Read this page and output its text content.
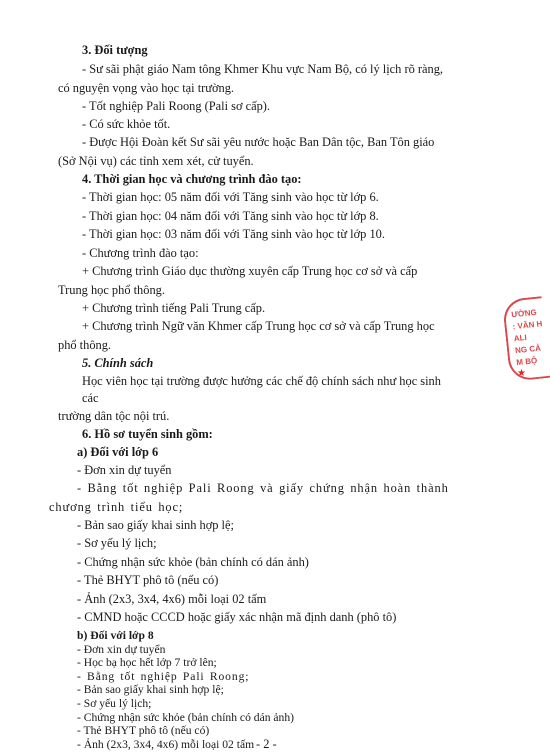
3. Đối tượng
- Sư sãi phật giáo Nam tông Khmer Khu vực Nam Bộ, có lý lịch rõ ràng,
có nguyện vọng vào học tại trường.
- Tốt nghiệp Pali Roong (Pali sơ cấp).
- Có sức khỏe tốt.
- Được Hội Đoàn kết Sư sãi yêu nước hoặc Ban Dân tộc, Ban Tôn giáo
(Sở Nội vụ) các tỉnh xem xét, cử tuyển.
4. Thời gian học và chương trình đào tạo:
- Thời gian học: 05 năm đối với Tăng sinh vào học từ lớp 6.
- Thời gian học: 04 năm đối với Tăng sinh vào học từ lớp 8.
- Thời gian học: 03 năm đối với Tăng sinh vào học từ lớp 10.
- Chương trình đào tạo:
+ Chương trình Giáo dục thường xuyên cấp Trung học cơ sở và cấp
Trung học phổ thông.
+ Chương trình tiếng Pali Trung cấp.
+ Chương trình Ngữ văn Khmer cấp Trung học cơ sở và cấp Trung học
phổ thông.
5. Chính sách
Học viên học tại trường được hưởng các chế độ chính sách như học sinh
các
trường dân tộc nội trú.
6. Hồ sơ tuyển sinh gồm:
a) Đối với lớp 6
- Đơn xin dự tuyển
- Bằng tốt nghiệp Pali Roong và giấy chứng nhận hoàn thành
chương trình tiểu học;
- Bản sao giấy khai sinh hợp lệ;
- Sơ yếu lý lịch;
- Chứng nhận sức khỏe (bản chính có dán ảnh)
- Thẻ BHYT phô tô (nếu có)
- Ảnh (2x3, 3x4, 4x6) mỗi loại 02 tấm
- CMND hoặc CCCD hoặc giấy xác nhận mã định danh (phô tô)
b) Đối với lớp 8
- Đơn xin dự tuyển
- Học bạ học hết lớp 7 trở lên;
- Bằng tốt nghiệp Pali Roong;
- Bản sao giấy khai sinh hợp lệ;
- Sơ yếu lý lịch;
ƯỜNG
: VĂN H
ALI
NG CẢ
M BỘ
★
- Chứng nhận sức khỏe (bản chính có dán ảnh)
- Thẻ BHYT phô tô (nếu có)
- Ảnh (2x3, 3x4, 4x6) mỗi loại 02 tấm - 2 -
